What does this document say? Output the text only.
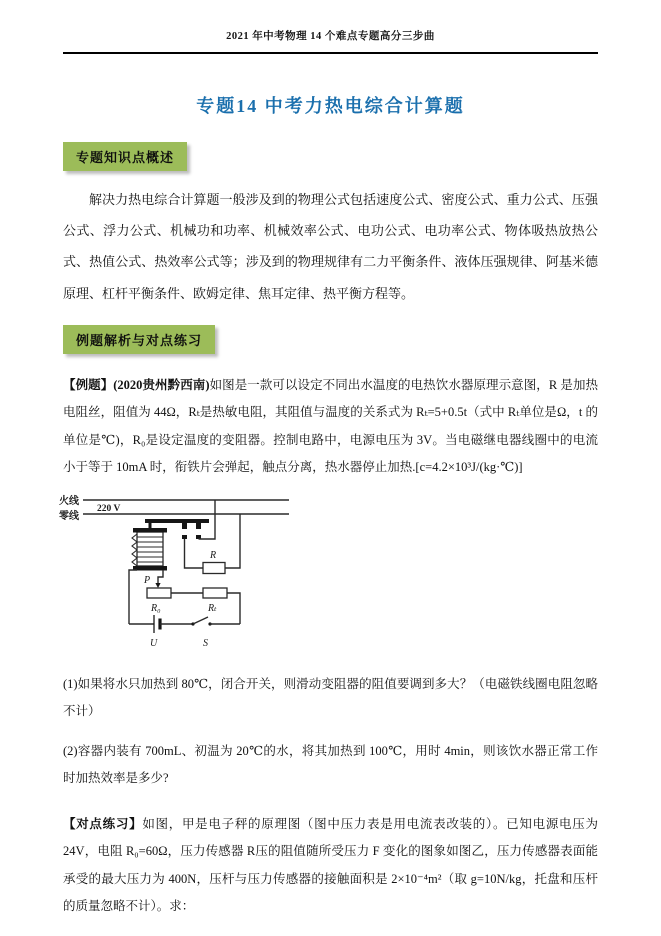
2021 年中考物理 14 个难点专题高分三步曲
专题14 中考力热电综合计算题
专题知识点概述

解决力热电综合计算题一般涉及到的物理公式包括速度公式、密度公式、重力公式、压强公式、浮力公式、机械功和功率、机械效率公式、电功公式、电功率公式、物体吸热放热公式、热值公式、热效率公式等；涉及到的物理规律有二力平衡条件、液体压强规律、阿基米德原理、杠杆平衡条件、欧姆定律、焦耳定律、热平衡方程等。

例题解析与对点练习

【例题】(2020贵州黔西南)如图是一款可以设定不同出水温度的电热饮水器原理示意图，R 是加热电阻丝，阻值为 44Ω，Rₜ是热敏电阻，其阻值与温度的关系式为 Rₜ=5+0.5t（式中 Rₜ单位是Ω，t 的单位是℃)，R₀是设定温度的变阻器。控制电路中，电源电压为 3V。当电磁继电器线圈中的电流小于等于 10mA 时，衔铁片会弹起，触点分离，热水器停止加热.[c=4.2×10³J/(kg·℃)]

火线
零线
220 V
R
P
R₀	Rₜ
U	S

(1)如果将水只加热到 80℃，闭合开关，则滑动变阻器的阻值要调到多大？（电磁铁线圈电阻忽略不计）

(2)容器内装有 700mL、初温为 20℃的水，将其加热到 100℃，用时 4min，则该饮水器正常工作时加热效率是多少?

【对点练习】如图，甲是电子秤的原理图（图中压力表是用电流表改装的）。已知电源电压为 24V，电阻 R₀=60Ω，压力传感器 R压的阻值随所受压力 F 变化的图象如图乙，压力传感器表面能承受的最大压力为 400N，压杆与压力传感器的接触面积是 2×10⁻⁴m²（取 g=10N/kg，托盘和压杆的质量忽略不计）。求：
